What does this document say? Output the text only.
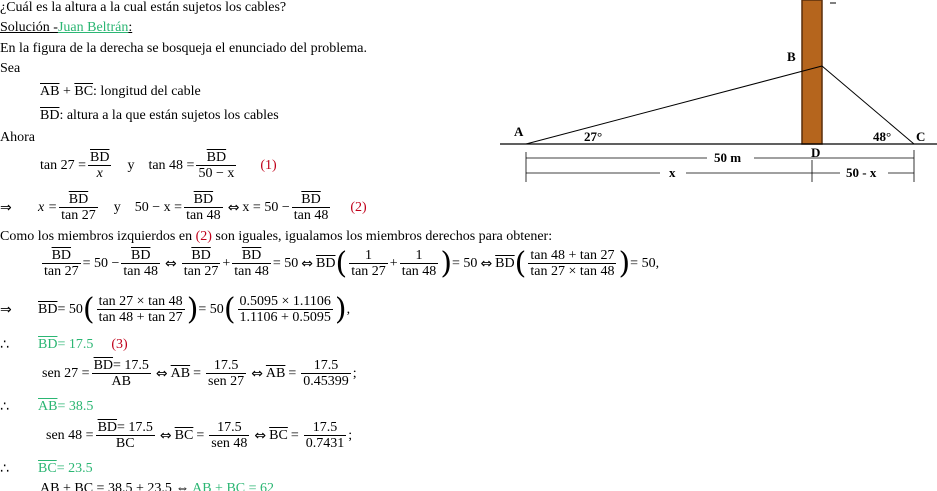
¿Cuál es la altura a la cual están sujetos los cables?
Solución -Juan Beltrán:
En la figura de la derecha se bosqueja el enunciado del problema.
Sea
$\overline{AB} + \overline{BC}$: longitud del cable
$\overline{BD}$: altura a la que están sujetos los cables
Ahora
$\tan 27 = \frac{\overline{BD}}{x}$ y $\tan 48 = \frac{\overline{BD}}{50 - x} (1)$
⇒	$x = \frac{\overline{BD}}{\tan 27}$ y $50 - x = \frac{\overline{BD}}{\tan 48}$ ⇔ $x = 50 - \frac{\overline{BD}}{\tan 48} (2)$
Como los miembros izquierdos en (2) son iguales, igualamos los miembros derechos para obtener:
$\frac{\overline{BD}}{\tan 27} = 50 - \frac{\overline{BD}}{\tan 48}$ ⇔ $\frac{\overline{BD}}{\tan 27} + \frac{\overline{BD}}{\tan 48} = 50$ ⇔ $\overline{BD}$ ( $\frac{1}{\tan 27} + \frac{1}{\tan 48}$ ) = 50 ⇔ $\overline{BD}$ ( $\frac{\tan 48 + \tan 27}{\tan 27 \times \tan 48}$ ) = 50,
⇒	$\overline{BD} = 50$ ( $\frac{\tan 27 \times \tan 48}{\tan 48 + \tan 27}$ ) = 50 ( $\frac{0.5095 \times 1.1106}{1.1106 + 0.5095}$ ) ,
∴	$\overline{BD} = 17.5$ (3)
sen $27 = \frac{\overline{BD}= 17.5}{AB}$ ⇔ $\overline{AB} = \frac{17.5}{\text{sen 27}}$ ⇔ $\overline{AB} = \frac{17.5}{0.45399}$ ;
∴	$\overline{AB} = 38.5$
sen $48 = \frac{\overline{BD}= 17.5}{BC}$ ⇔ $\overline{BC} = \frac{17.5}{\text{sen 48}}$ ⇔ $\overline{BC} = \frac{17.5}{0.7431}$ ;
∴	$\overline{BC} = 23.5$
$\overline{AB} + \overline{BC} = 38.5 + 23.5$ ⇔ $\overline{AB} + \overline{BC} = 62$
A
B
C
D
27°	48°
50 m
x	50 - x
